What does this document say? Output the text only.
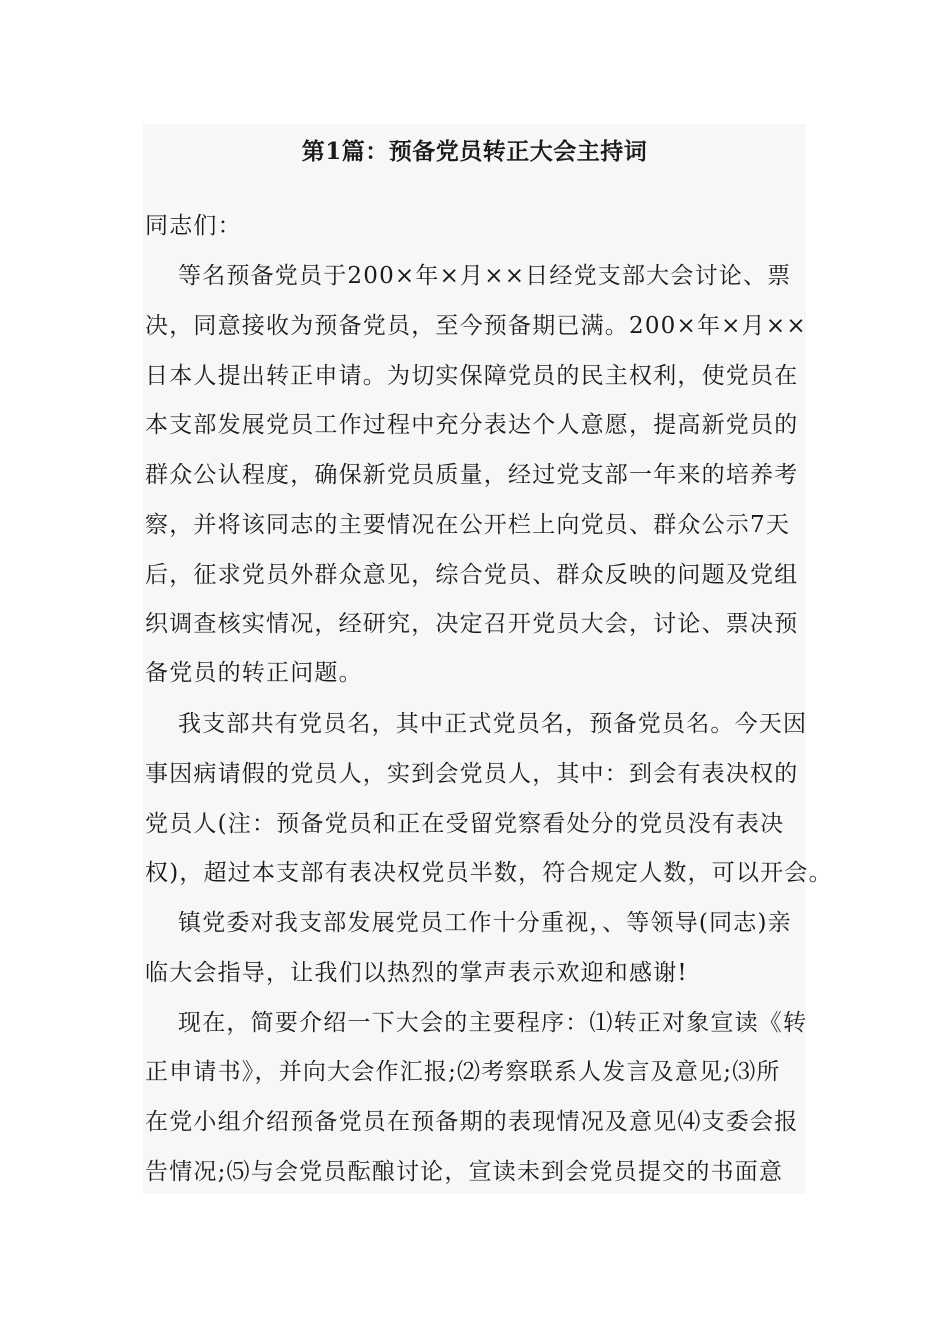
第1篇：预备党员转正大会主持词
同志们：
等名预备党员于200×年×月××日经党支部大会讨论、票
决，同意接收为预备党员，至今预备期已满。200×年×月××
日本人提出转正申请。为切实保障党员的民主权利，使党员在
本支部发展党员工作过程中充分表达个人意愿，提高新党员的
群众公认程度，确保新党员质量，经过党支部一年来的培养考
察，并将该同志的主要情况在公开栏上向党员、群众公示7天
后，征求党员外群众意见，综合党员、群众反映的问题及党组
织调查核实情况，经研究，决定召开党员大会，讨论、票决预
备党员的转正问题。
我支部共有党员名，其中正式党员名，预备党员名。今天因
事因病请假的党员人，实到会党员人，其中：到会有表决权的
党员人(注：预备党员和正在受留党察看处分的党员没有表决
权)，超过本支部有表决权党员半数，符合规定人数，可以开会。
镇党委对我支部发展党员工作十分重视，、等领导(同志)亲
临大会指导，让我们以热烈的掌声表示欢迎和感谢!
现在，简要介绍一下大会的主要程序：⑴转正对象宣读《转
正申请书》，并向大会作汇报;⑵考察联系人发言及意见;⑶所
在党小组介绍预备党员在预备期的表现情况及意见⑷支委会报
告情况;⑸与会党员酝酿讨论，宣读未到会党员提交的书面意
